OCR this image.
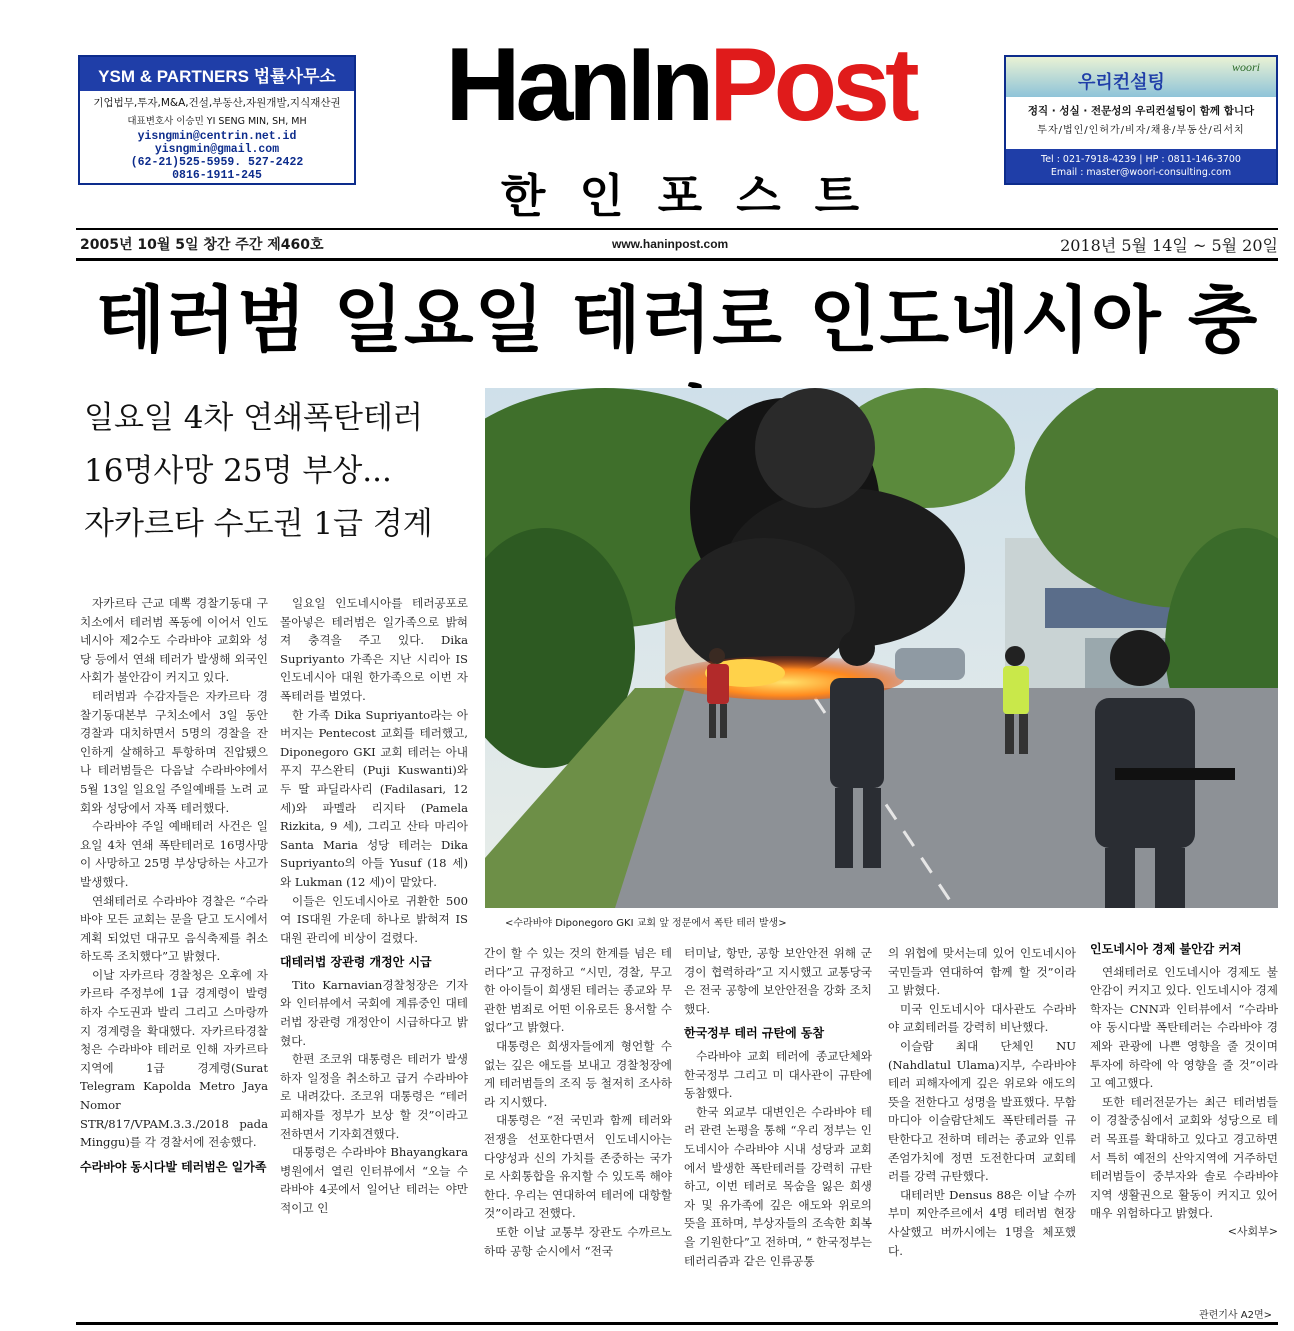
YSM & PARTNERS 법률사무소
기업법무,투자,M&A,건설,부동산,자원개발,지식재산권
대표변호사 이승민 YI SENG MIN, SH, MH
yisngmin@centrin.net.id
yisngmin@gmail.com
(62-21)525-5959. 527-2422
0816-1911-245
HanInPost
한인포스트
우리컨설팅
woori
정직 · 성실 · 전문성의 우리컨설팅이 함께 합니다
투자/법인/인허가/비자/채용/부동산/리서치
Tel : 021-7918-4239 | HP : 0811-146-3700
Email : master@woori-consulting.com
2005년 10월 5일 창간 주간 제460호	www.haninpost.com	2018년 5월 14일 ~ 5월 20일
테러범 일요일 테러로 인도네시아 충
일요일 4차 연쇄폭탄테러
16명사망 25명 부상...
자카르타 수도권 1급 경계
<수라바야 Diponegoro GKI 교회 앞 정문에서 폭탄 테러 발생>

자카르타 근교 데뽁 경찰기동대 구치소에서 테러범 폭동에 이어서 인도네시아 제2수도 수라바야 교회와 성당 등에서 연쇄 테러가 발생해 외국인 사회가 불안감이 커지고 있다.

테러범과 수감자들은 자카르타 경찰기동대본부 구치소에서 3일 동안 경찰과 대치하면서 5명의 경찰을 잔인하게 살해하고 투항하며 진압됐으나 테러범들은 다음날 수라바야에서 5월 13일 일요일 주일예배를 노려 교회와 성당에서 자폭 테러했다.

수라바야 주일 예배테러 사건은 일요일 4차 연쇄 폭탄테러로 16명사망이 사망하고 25명 부상당하는 사고가 발생했다.

연쇄테러로 수라바야 경찰은 “수라바야 모든 교회는 문을 닫고 도시에서 계획 되었던 대규모 음식축제를 취소하도록 조치했다”고 밝혔다.

이날 자카르타 경찰청은 오후에 자카르타 주정부에 1급 경계령이 발령하자 수도권과 발리 그리고 스마랑까지 경계령을 확대했다. 자카르타경찰청은 수라바야 테러로 인해 자카르타 지역에 1급 경계령(Surat Telegram Kapolda Metro Jaya Nomor STR/817/VPAM.3.3./2018 pada Minggu)를 각 경찰서에 전송했다.

수라바야 동시다발 테러범은 일가족

일요일 인도네시아를 테러공포로 몰아넣은 테러범은 일가족으로 밝혀져 충격을 주고 있다. Dika Supriyanto 가족은 지난 시리아 IS 인도네시아 대원 한가족으로 이번 자폭테러를 벌였다.

한 가족 Dika Supriyanto라는 아버지는 Pentecost 교회를 테러했고, Diponegoro GKI 교회 테러는 아내 푸지 꾸스완티 (Puji Kuswanti)와 두 딸 파딜라사리 (Fadilasari, 12 세)와 파멜라 리지타 (Pamela Rizkita, 9 세), 그리고 산타 마리아 Santa Maria 성당 테러는 Dika Supriyanto의 아들 Yusuf (18 세)와 Lukman (12 세)이 맡았다.

이들은 인도네시아로 귀환한 500여 IS대원 가운데 하나로 밝혀져 IS대원 관리에 비상이 걸렸다.

대테러법 장관령 개정안 시급

Tito Karnavian경찰청장은 기자와 인터뷰에서 국회에 계류중인 대테러법 장관령 개정안이 시급하다고 밝혔다.

한편 조코위 대통령은 테러가 발생하자 일정을 취소하고 급거 수라바야로 내려갔다. 조코위 대통령은 “테러피해자를 정부가 보상 할 것”이라고 전하면서 기자회견했다.

대통령은 수라바야 Bhayangkara 병원에서 열린 인터뷰에서 “오늘 수라바야 4곳에서 일어난 테러는 야만적이고 인

간이 할 수 있는 것의 한계를 넘은 테러다”고 규정하고 “시민, 경찰, 무고한 아이들이 희생된 테러는 종교와 무관한 범죄로 어떤 이유로든 용서할 수 없다”고 밝혔다.

대통령은 희생자들에게 형언할 수 없는 깊은 애도를 보내고 경찰청장에게 테러범들의 조직 등 철저히 조사하라 지시했다.

대통령은 “전 국민과 함께 테러와 전쟁을 선포한다면서 인도네시아는 다양성과 신의 가치를 존중하는 국가로 사회통합을 유지할 수 있도록 해야 한다. 우리는 연대하여 테러에 대항할 것”이라고 전했다.

또한 이날 교통부 장관도 수까르노하따 공항 순시에서 “전국

터미날, 항만, 공항 보안안전 위해 군경이 협력하라”고 지시했고 교통당국은 전국 공항에 보안안전을 강화 조치했다.

한국정부 테러 규탄에 동참

수라바야 교회 테러에 종교단체와 한국정부 그리고 미 대사관이 규탄에 동참했다.

한국 외교부 대변인은 수라바야 테러 관련 논평을 통해 “우리 정부는 인도네시아 수라바야 시내 성당과 교회에서 발생한 폭탄테러를 강력히 규탄하고, 이번 테러로 목숨을 잃은 희생자 및 유가족에 깊은 애도와 위로의 뜻을 표하며, 부상자들의 조속한 회복을 기원한다”고 전하며, “ 한국정부는 테러리즘과 같은 인류공통

의 위협에 맞서는데 있어 인도네시아 국민들과 연대하여 함께 할 것”이라고 밝혔다.

미국 인도네시아 대사관도 수라바야 교회테러를 강력히 비난했다.

이슬람 최대 단체인 NU (Nahdlatul Ulama)지부, 수라바야 테러 피해자에게 깊은 위로와 애도의 뜻을 전한다고 성명을 발표했다. 무함마디아 이슬람단체도 폭탄테러를 규탄한다고 전하며 테러는 종교와 인류존엄가치에 정면 도전한다며 교회테러를 강력 규탄했다.

대테러반 Densus 88은 이날 수까부미 찌안주르에서 4명 테러범 현장 사살했고 버까시에는 1명을 체포했다.

인도네시아 경제 불안감 커져

연쇄테러로 인도네시아 경제도 불안감이 커지고 있다. 인도네시아 경제학자는 CNN과 인터뷰에서 “수라바야 동시다발 폭탄테러는 수라바야 경제와 관광에 나쁜 영향을 줄 것이며 투자에 하락에 악 영향을 줄 것”이라고 예고했다.

또한 테러전문가는 최근 테러범들이 경찰중심에서 교회와 성당으로 테러 목표를 확대하고 있다고 경고하면서 특히 예전의 산악지역에 거주하던 테러범들이 중부자와 솔로 수라바야지역 생활권으로 활동이 커지고 있어 매우 위험하다고 밝혔다.

<사회부>
관련기사 A2면>
